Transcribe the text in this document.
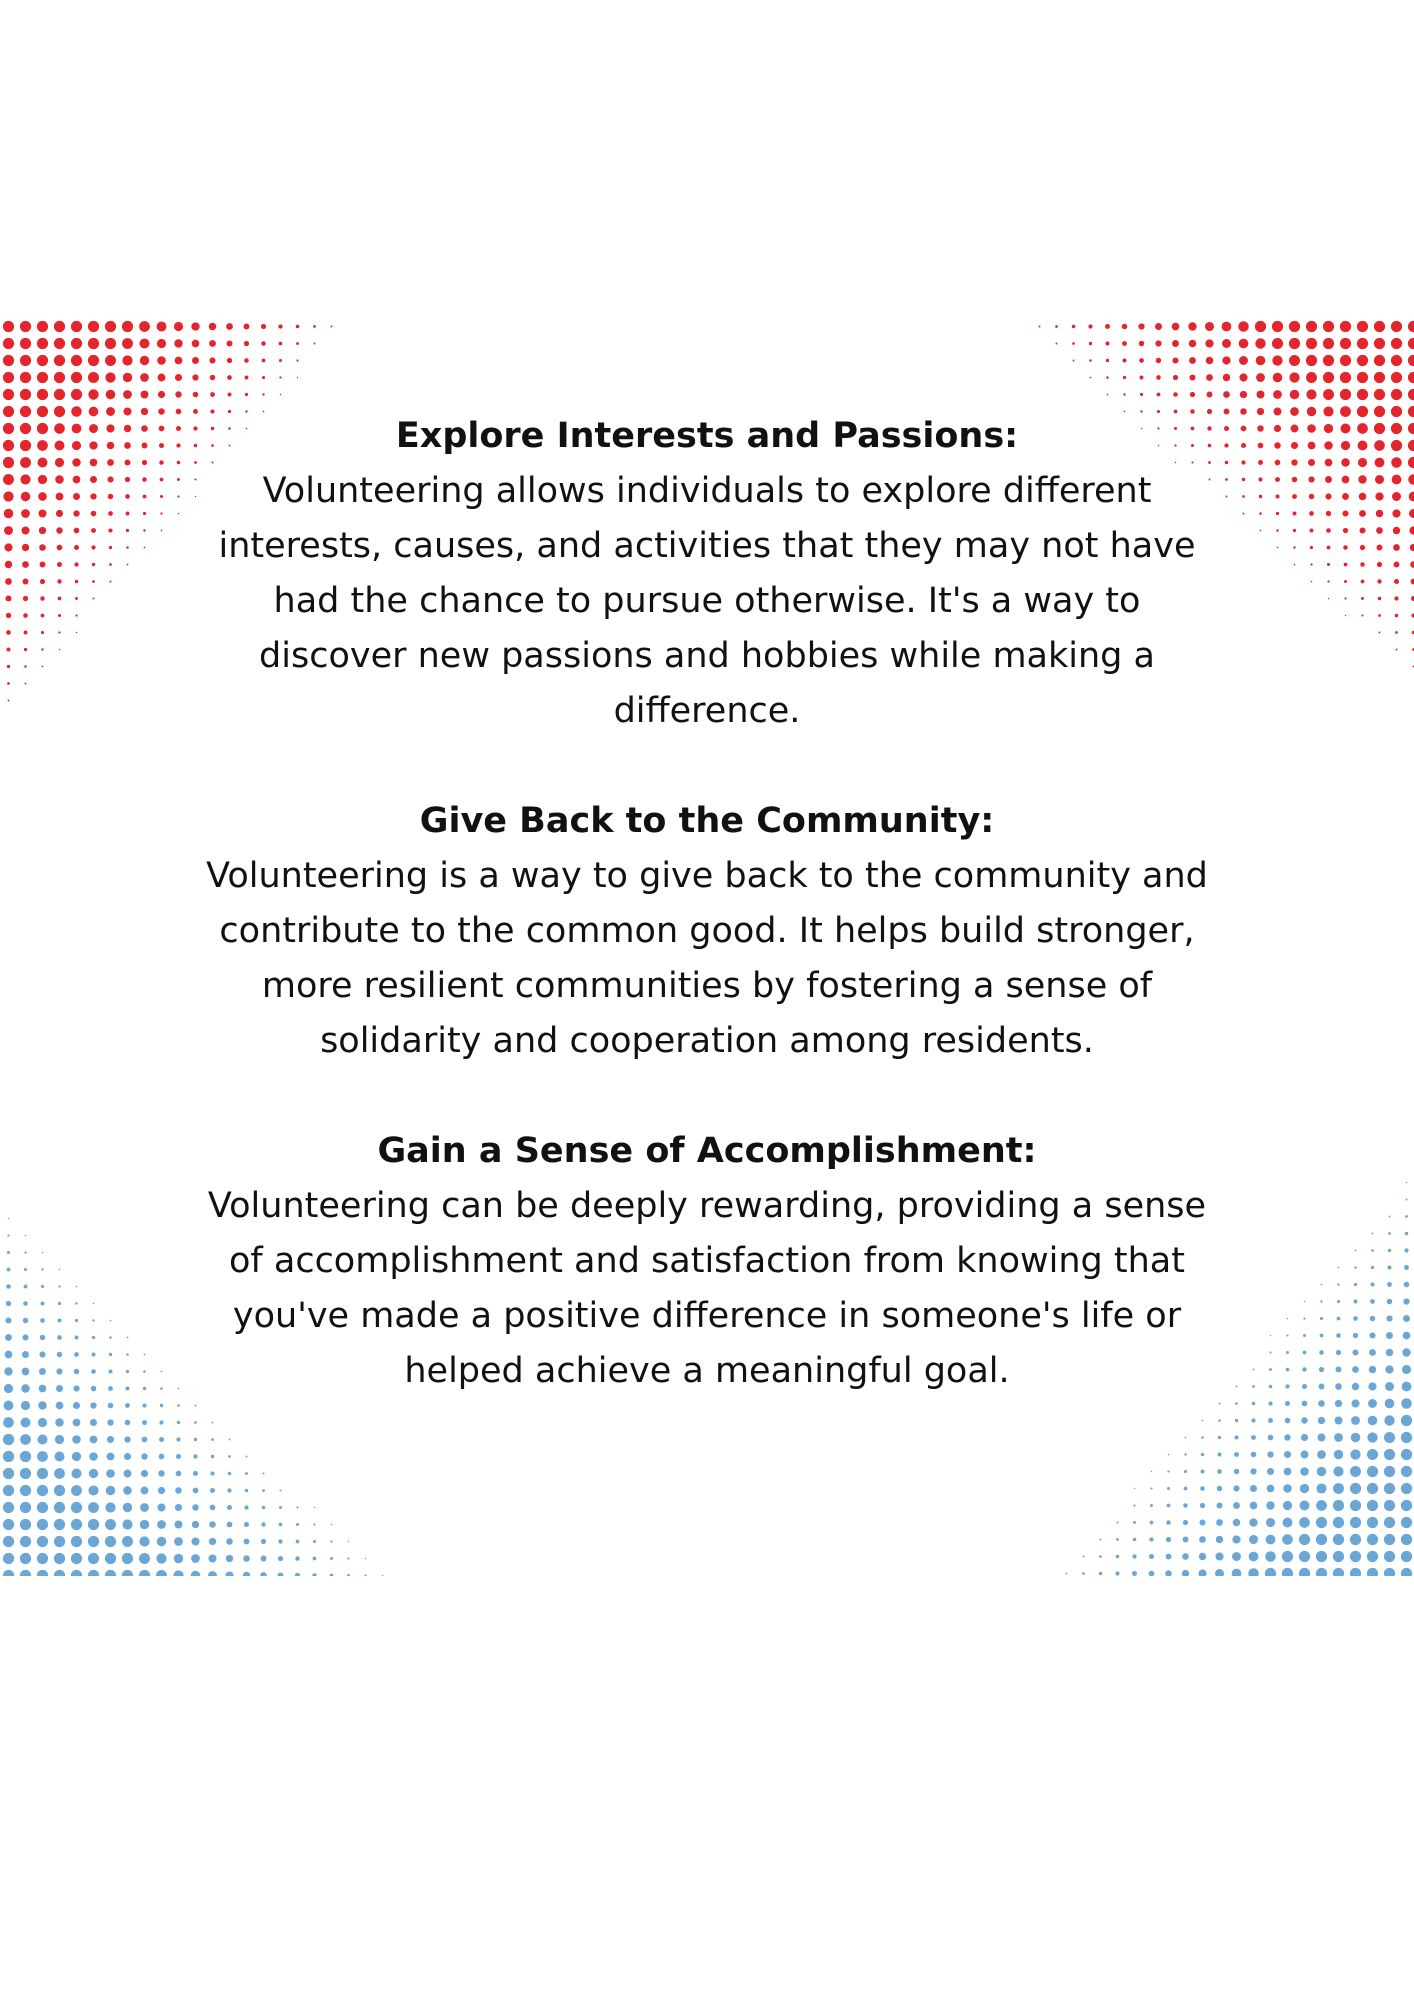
Explore Interests and Passions:

Volunteering allows individuals to explore different

interests, causes, and activities that they may not have

had the chance to pursue otherwise. It's a way to

discover new passions and hobbies while making a

difference.

Give Back to the Community:

Volunteering is a way to give back to the community and

contribute to the common good. It helps build stronger,

more resilient communities by fostering a sense of

solidarity and cooperation among residents.

Gain a Sense of Accomplishment:

Volunteering can be deeply rewarding, providing a sense

of accomplishment and satisfaction from knowing that

you've made a positive difference in someone's life or

helped achieve a meaningful goal.
